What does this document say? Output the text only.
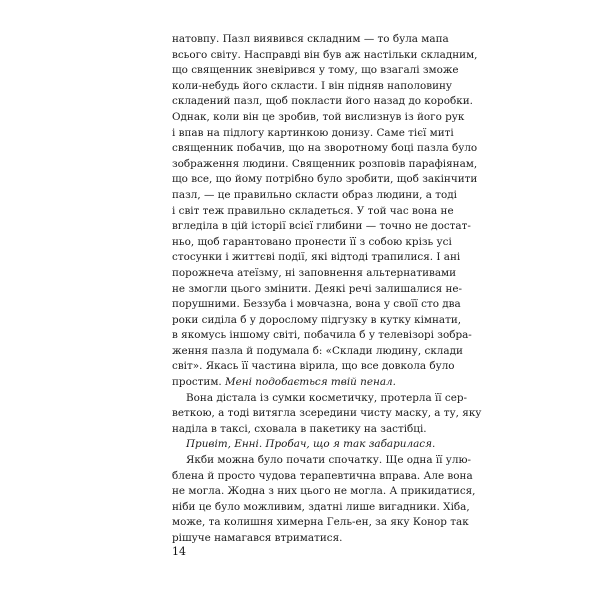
натовпу. Пазл виявився складним — то була мапа
всього світу. Насправді він був аж настільки складним,
що священник зневірився у тому, що взагалі зможе
коли-небудь його скласти. І він підняв наполовину
складений пазл, щоб покласти його назад до коробки.
Однак, коли він це зробив, той вислизнув із його рук
і впав на підлогу картинкою донизу. Саме тієї миті
священник побачив, що на зворотному боці пазла було
зображення людини. Священник розповів парафіянам,
що все, що йому потрібно було зробити, щоб закінчити
пазл, — це правильно скласти образ людини, а тоді
і світ теж правильно складеться. У той час вона не
вгледіла в цій історії всієї глибини — точно не достат-
ньо, щоб гарантовано пронести її з собою крізь усі
стосунки і життєві події, які відтоді трапилися. І ані
порожнеча атеїзму, ні заповнення альтернативами
не змогли цього змінити. Деякі речі залишалися не-
порушними. Беззуба і мовчазна, вона у своїї сто два
роки сиділа б у дорослому підгузку в кутку кімнати,
в якомусь іншому світі, побачила б у телевізорі зобра-
ження пазла й подумала б: «Склади людину, склади
світ». Якась її частина вірила, що все довкола було
простим. Мені подобається твій пенал.
Вона дістала із сумки косметичку, протерла її сер-
веткою, а тоді витягла зсередини чисту маску, а ту, яку
наділа в таксі, сховала в пакетику на застібці.
Привіт, Енні. Пробач, що я так забарилася.
Якби можна було почати спочатку. Ще одна її улю-
блена й просто чудова терапевтична вправа. Але вона
не могла. Жодна з них цього не могла. А прикидатися,
ніби це було можливим, здатні лише вигадники. Хіба,
може, та колишня химерна Гель-ен, за яку Конор так
рішуче намагався втриматися.
14
